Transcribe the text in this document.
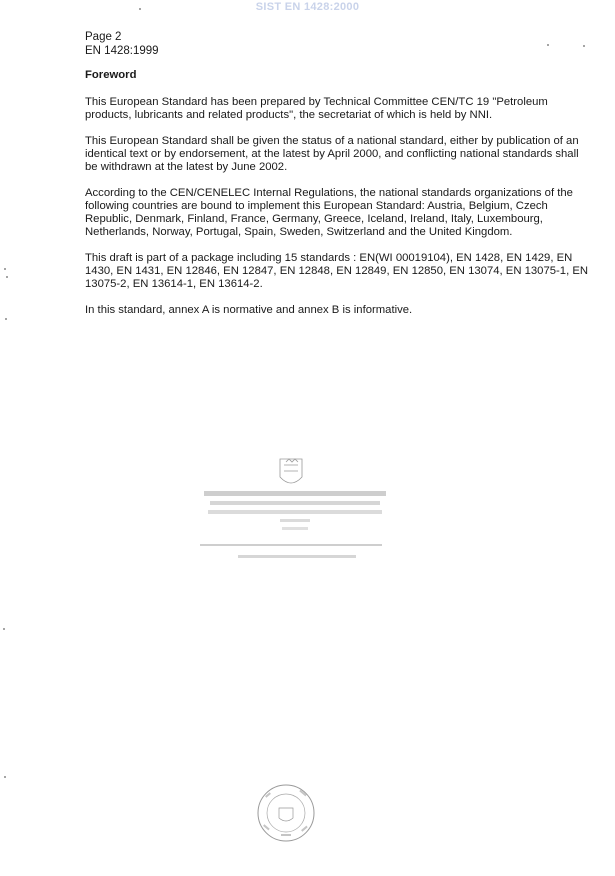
SIST EN 1428:2000
Page 2
EN 1428:1999
Foreword

This European Standard has been prepared by Technical Committee CEN/TC 19 "Petroleum products, lubricants and related products", the secretariat of which is held by NNI.

This European Standard shall be given the status of a national standard, either by publication of an identical text or by endorsement, at the latest by April 2000, and conflicting national standards shall be withdrawn at the latest by June 2002.

According to the CEN/CENELEC Internal Regulations, the national standards organizations of the following countries are bound to implement this European Standard: Austria, Belgium, Czech Republic, Denmark, Finland, France, Germany, Greece, Iceland, Ireland, Italy, Luxembourg, Netherlands, Norway, Portugal, Spain, Sweden, Switzerland and the United Kingdom.

This draft is part of a package including 15 standards : EN(WI 00019104), EN 1428, EN 1429, EN 1430, EN 1431, EN 12846, EN 12847, EN 12848, EN 12849, EN 12850, EN 13074, EN 13075-1, EN 13075-2, EN 13614-1, EN 13614-2.

In this standard, annex A is normative and annex B is informative.
